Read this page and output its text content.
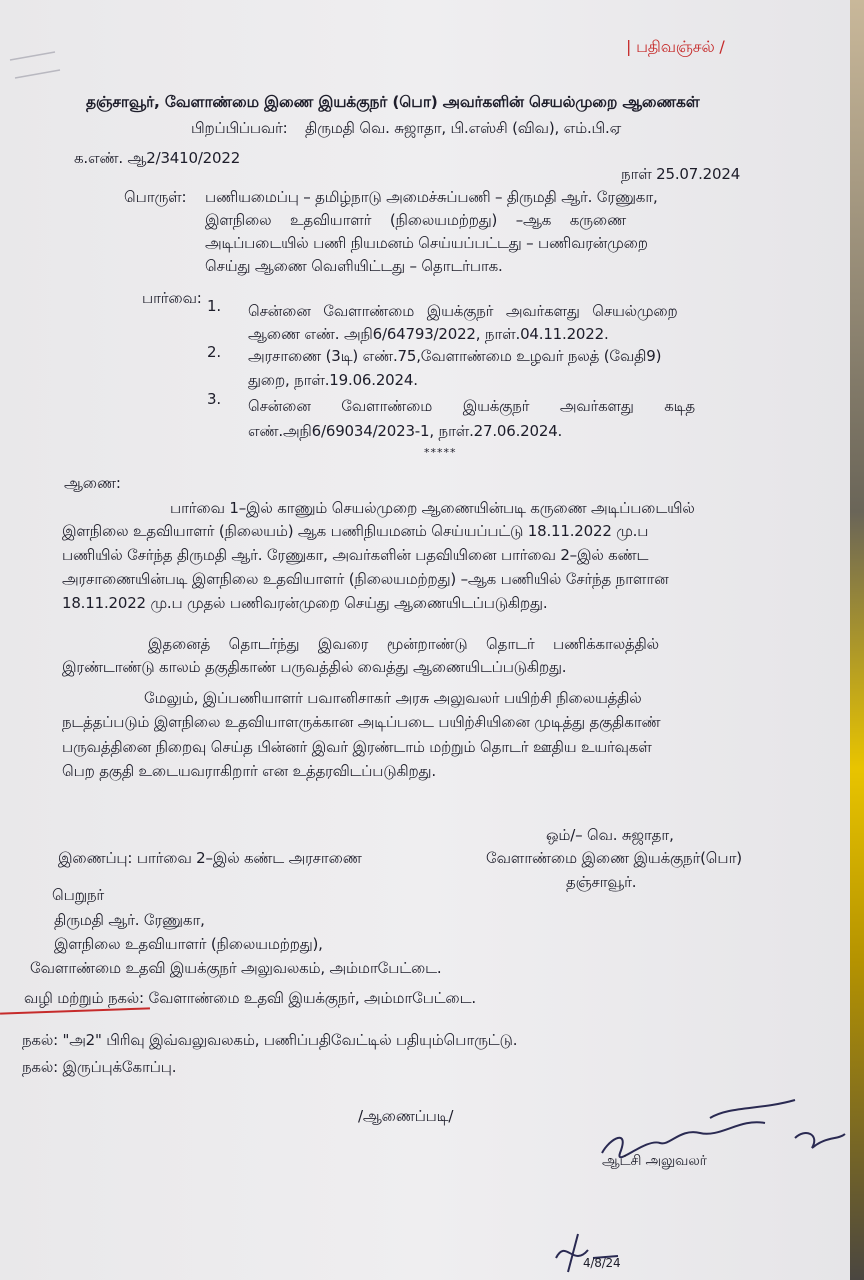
| பதிவஞ்சல் /
தஞ்சாவூர், வேளாண்மை இணை இயக்குநர் (பொ) அவர்களின் செயல்முறை ஆணைகள்
பிறப்பிப்பவர்: திருமதி வெ. சுஜாதா, பி.எஸ்சி (விவ), எம்.பி.ஏ
க.எண். ஆ2/3410/2022
நாள் 25.07.2024
பொருள்: பணியமைப்பு – தமிழ்நாடு அமைச்சுப்பணி – திருமதி ஆர். ரேணுகா,
இளநிலை உதவியாளர் (நிலையமற்றது) –ஆக கருணை
அடிப்படையில் பணி நியமனம் செய்யப்பட்டது – பணிவரன்முறை
செய்து ஆணை வெளியிட்டது – தொடர்பாக.
பார்வை: 1. சென்னை வேளாண்மை இயக்குநர் அவர்களது செயல்முறை
ஆணை எண். அநி6/64793/2022, நாள்.04.11.2022.
2. அரசாணை (3டி) எண்.75,வேளாண்மை உழவர் நலத் (வேதி9)
துறை, நாள்.19.06.2024.
3. சென்னை வேளாண்மை இயக்குநர் அவர்களது கடித
எண்.அநி6/69034/2023-1, நாள்.27.06.2024.
*****
ஆணை:
பார்வை 1–இல் காணும் செயல்முறை ஆணையின்படி கருணை அடிப்படையில்
இளநிலை உதவியாளர் (நிலையம்) ஆக பணிநியமனம் செய்யப்பட்டு 18.11.2022 மு.ப
பணியில் சேர்ந்த திருமதி ஆர். ரேணுகா, அவர்களின் பதவியினை பார்வை 2–இல் கண்ட
அரசாணையின்படி இளநிலை உதவியாளர் (நிலையமற்றது) –ஆக பணியில் சேர்ந்த நாளான
18.11.2022 மு.ப முதல் பணிவரன்முறை செய்து ஆணையிடப்படுகிறது.
இதனைத் தொடர்ந்து இவரை மூன்றாண்டு தொடர் பணிக்காலத்தில்
இரண்டாண்டு காலம் தகுதிகாண் பருவத்தில் வைத்து ஆணையிடப்படுகிறது.
மேலும், இப்பணியாளர் பவானிசாகர் அரசு அலுவலர் பயிற்சி நிலையத்தில்
நடத்தப்படும் இளநிலை உதவியாளருக்கான அடிப்படை பயிற்சியினை முடித்து தகுதிகாண்
பருவத்தினை நிறைவு செய்த பின்னர் இவர் இரண்டாம் மற்றும் தொடர் ஊதிய உயர்வுகள்
பெற தகுதி உடையவராகிறார் என உத்தரவிடப்படுகிறது.
ஒம்/– வெ. சுஜாதா,
இணைப்பு: பார்வை 2–இல் கண்ட அரசாணை	வேளாண்மை இணை இயக்குநர்(பொ)
தஞ்சாவூர்.
பெறுநர்
திருமதி ஆர். ரேணுகா,
இளநிலை உதவியாளர் (நிலையமற்றது),
வேளாண்மை உதவி இயக்குநர் அலுவலகம், அம்மாபேட்டை.
வழி மற்றும் நகல்: வேளாண்மை உதவி இயக்குநர், அம்மாபேட்டை.
நகல்: "அ2" பிரிவு இவ்வலுவலகம், பணிப்பதிவேட்டில் பதியும்பொருட்டு.
நகல்: இருப்புக்கோப்பு.
/ஆணைப்படி/
ஆட்சி அலுவலர்
4/8/24
